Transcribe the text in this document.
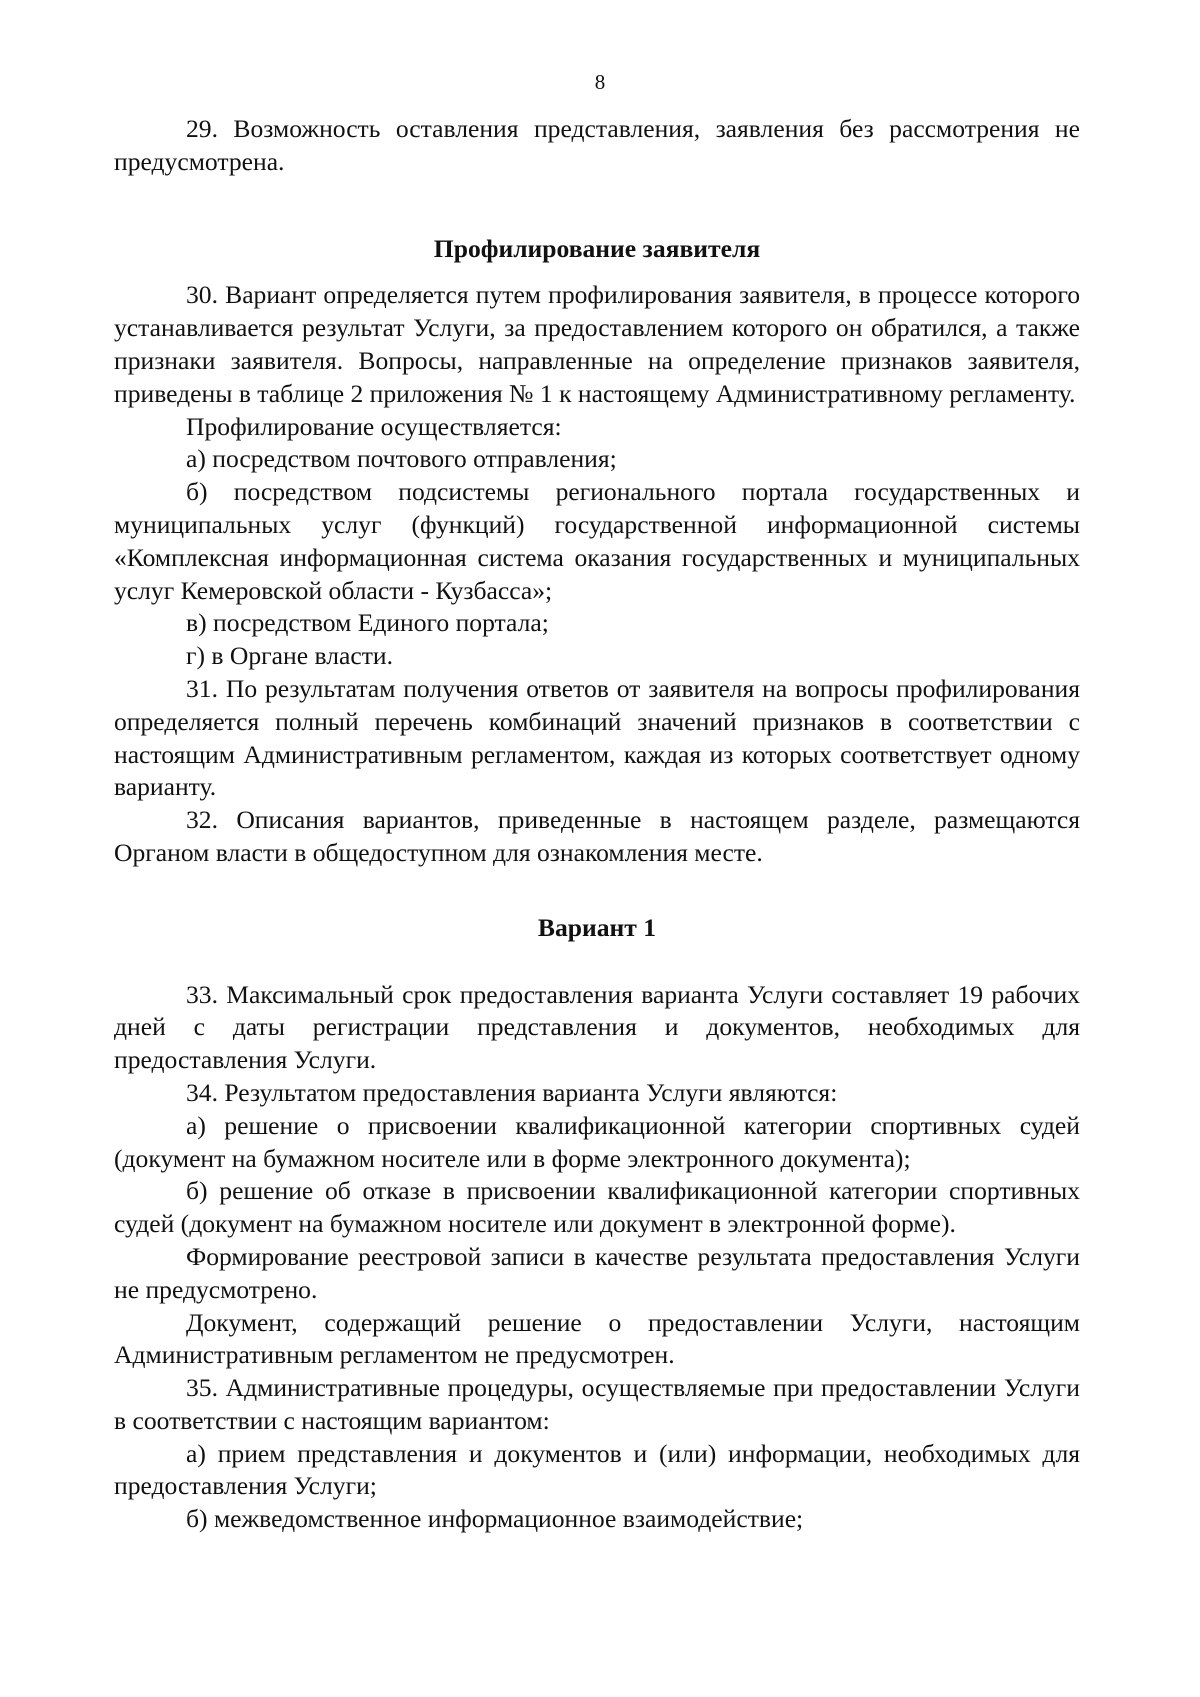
8

29. Возможность оставления представления, заявления без рассмотрения не предусмотрена.

Профилирование заявителя

30. Вариант определяется путем профилирования заявителя, в процессе которого устанавливается результат Услуги, за предоставлением которого он обратился, а также признаки заявителя. Вопросы, направленные на определение признаков заявителя, приведены в таблице 2 приложения № 1 к настоящему Административному регламенту.

Профилирование осуществляется:

а) посредством почтового отправления;

б) посредством подсистемы регионального портала государственных и муниципальных услуг (функций) государственной информационной системы «Комплексная информационная система оказания государственных и муниципальных услуг Кемеровской области - Кузбасса»;

в) посредством Единого портала;

г) в Органе власти.

31. По результатам получения ответов от заявителя на вопросы профилирования определяется полный перечень комбинаций значений признаков в соответствии с настоящим Административным регламентом, каждая из которых соответствует одному варианту.

32. Описания вариантов, приведенные в настоящем разделе, размещаются Органом власти в общедоступном для ознакомления месте.

Вариант 1

33. Максимальный срок предоставления варианта Услуги составляет 19 рабочих дней с даты регистрации представления и документов, необходимых для предоставления Услуги.

34. Результатом предоставления варианта Услуги являются:

а) решение о присвоении квалификационной категории спортивных судей (документ на бумажном носителе или в форме электронного документа);

б) решение об отказе в присвоении квалификационной категории спортивных судей (документ на бумажном носителе или документ в электронной форме).

Формирование реестровой записи в качестве результата предоставления Услуги не предусмотрено.

Документ, содержащий решение о предоставлении Услуги, настоящим Административным регламентом не предусмотрен.

35. Административные процедуры, осуществляемые при предоставлении Услуги в соответствии с настоящим вариантом:

а) прием представления и документов и (или) информации, необходимых для предоставления Услуги;

б) межведомственное информационное взаимодействие;
